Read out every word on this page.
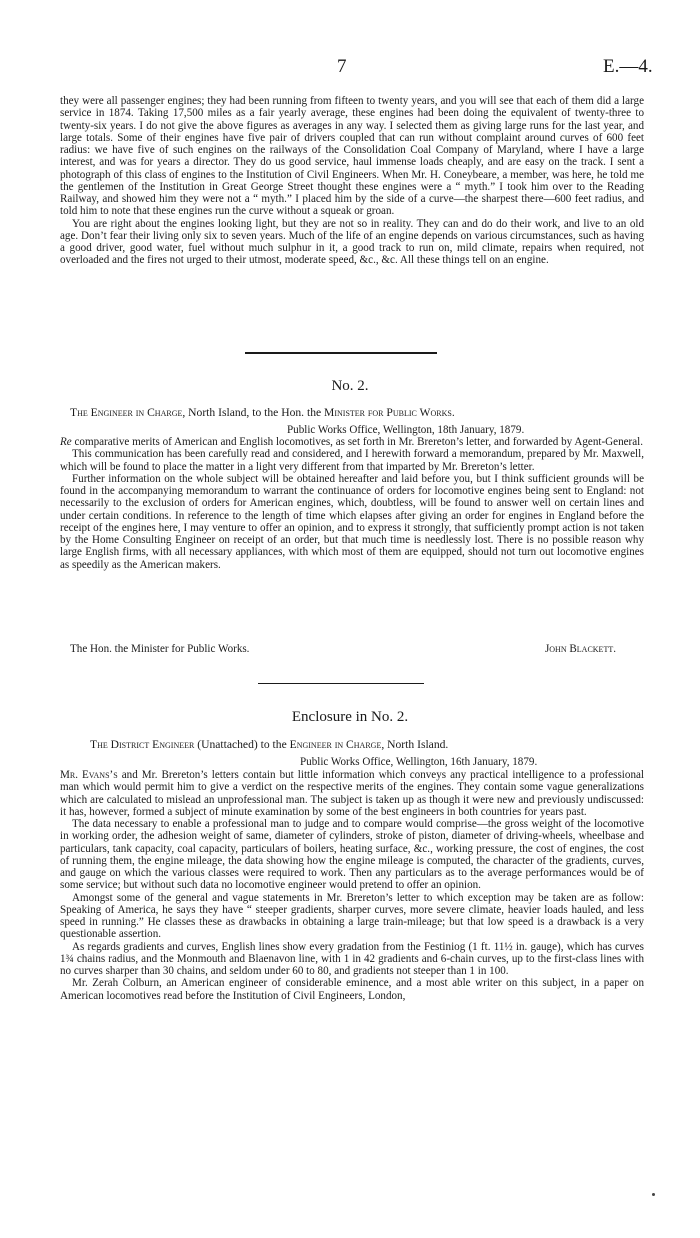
7	E.—4.

they were all passenger engines; they had been running from fifteen to twenty years, and you will see that each of them did a large service in 1874. Taking 17,500 miles as a fair yearly average, these engines had been doing the equivalent of twenty-three to twenty-six years. I do not give the above figures as averages in any way. I selected them as giving large runs for the last year, and large totals. Some of their engines have five pair of drivers coupled that can run without complaint around curves of 600 feet radius: we have five of such engines on the railways of the Consolidation Coal Company of Maryland, where I have a large interest, and was for years a director. They do us good service, haul immense loads cheaply, and are easy on the track. I sent a photograph of this class of engines to the Institution of Civil Engineers. When Mr. H. Coneybeare, a member, was here, he told me the gentlemen of the Institution in Great George Street thought these engines were a “ myth.” I took him over to the Reading Railway, and showed him they were not a “ myth.” I placed him by the side of a curve—the sharpest there—600 feet radius, and told him to note that these engines run the curve without a squeak or groan.

You are right about the engines looking light, but they are not so in reality. They can and do do their work, and live to an old age. Don’t fear their living only six to seven years. Much of the life of an engine depends on various circumstances, such as having a good driver, good water, fuel without much sulphur in it, a good track to run on, mild climate, repairs when required, not overloaded and the fires not urged to their utmost, moderate speed, &c., &c. All these things tell on an engine.

No. 2.
The Engineer in Charge, North Island, to the Hon. the Minister for Public Works.
Public Works Office, Wellington, 18th January, 1879.

Re comparative merits of American and English locomotives, as set forth in Mr. Brereton’s letter, and forwarded by Agent-General.

This communication has been carefully read and considered, and I herewith forward a memorandum, prepared by Mr. Maxwell, which will be found to place the matter in a light very different from that imparted by Mr. Brereton’s letter.

Further information on the whole subject will be obtained hereafter and laid before you, but I think sufficient grounds will be found in the accompanying memorandum to warrant the continuance of orders for locomotive engines being sent to England: not necessarily to the exclusion of orders for American engines, which, doubtless, will be found to answer well on certain lines and under certain conditions. In reference to the length of time which elapses after giving an order for engines in England before the receipt of the engines here, I may venture to offer an opinion, and to express it strongly, that sufficiently prompt action is not taken by the Home Consulting Engineer on receipt of an order, but that much time is needlessly lost. There is no possible reason why large English firms, with all necessary appliances, with which most of them are equipped, should not turn out locomotive engines as speedily as the American makers.

The Hon. the Minister for Public Works.	John Blackett.
Enclosure in No. 2.
The District Engineer (Unattached) to the Engineer in Charge, North Island.
Public Works Office, Wellington, 16th January, 1879.

Mr. Evans’s and Mr. Brereton’s letters contain but little information which conveys any practical intelligence to a professional man which would permit him to give a verdict on the respective merits of the engines. They contain some vague generalizations which are calculated to mislead an unprofessional man. The subject is taken up as though it were new and previously undiscussed: it has, however, formed a subject of minute examination by some of the best engineers in both countries for years past.

The data necessary to enable a professional man to judge and to compare would comprise—the gross weight of the locomotive in working order, the adhesion weight of same, diameter of cylinders, stroke of piston, diameter of driving-wheels, wheelbase and particulars, tank capacity, coal capacity, particulars of boilers, heating surface, &c., working pressure, the cost of engines, the cost of running them, the engine mileage, the data showing how the engine mileage is computed, the character of the gradients, curves, and gauge on which the various classes were required to work. Then any particulars as to the average performances would be of some service; but without such data no locomotive engineer would pretend to offer an opinion.

Amongst some of the general and vague statements in Mr. Brereton’s letter to which exception may be taken are as follow: Speaking of America, he says they have “ steeper gradients, sharper curves, more severe climate, heavier loads hauled, and less speed in running.” He classes these as drawbacks in obtaining a large train-mileage; but that low speed is a drawback is a very questionable assertion.

As regards gradients and curves, English lines show every gradation from the Festiniog (1 ft. 11½ in. gauge), which has curves 1¾ chains radius, and the Monmouth and Blaenavon line, with 1 in 42 gradients and 6-chain curves, up to the first-class lines with no curves sharper than 30 chains, and seldom under 60 to 80, and gradients not steeper than 1 in 100.

Mr. Zerah Colburn, an American engineer of considerable eminence, and a most able writer on this subject, in a paper on American locomotives read before the Institution of Civil Engineers, London,
